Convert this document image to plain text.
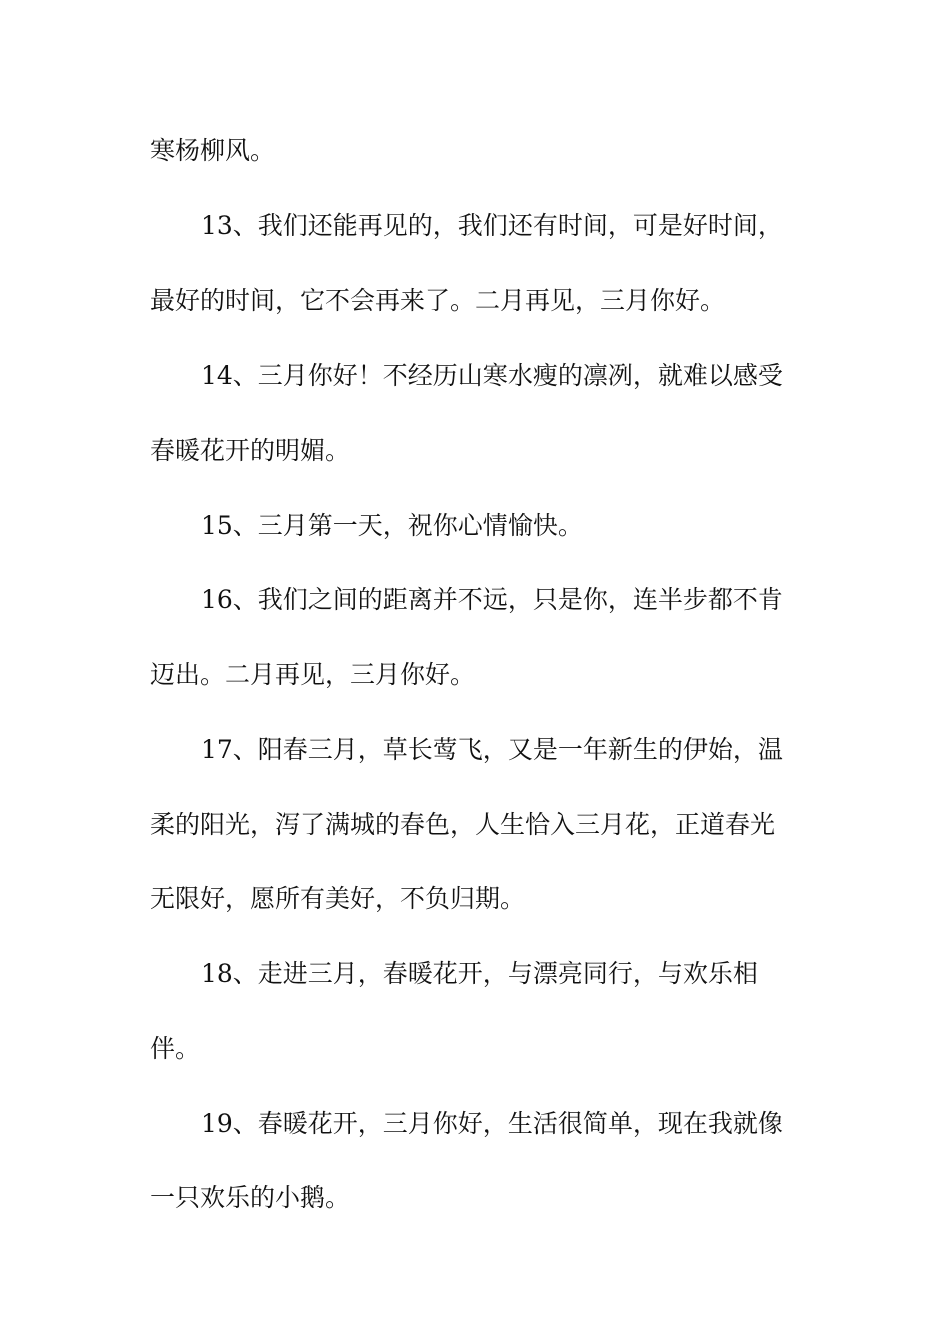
寒杨柳风。
13、我们还能再见的，我们还有时间，可是好时间，
最好的时间，它不会再来了。二月再见，三月你好。
14、三月你好！不经历山寒水瘦的凛冽，就难以感受
春暖花开的明媚。
15、三月第一天，祝你心情愉快。
16、我们之间的距离并不远，只是你，连半步都不肯
迈出。二月再见，三月你好。
17、阳春三月，草长莺飞，又是一年新生的伊始，温
柔的阳光，泻了满城的春色，人生恰入三月花，正道春光
无限好，愿所有美好，不负归期。
18、走进三月，春暖花开，与漂亮同行，与欢乐相
伴。
19、春暖花开，三月你好，生活很简单，现在我就像
一只欢乐的小鹅。
